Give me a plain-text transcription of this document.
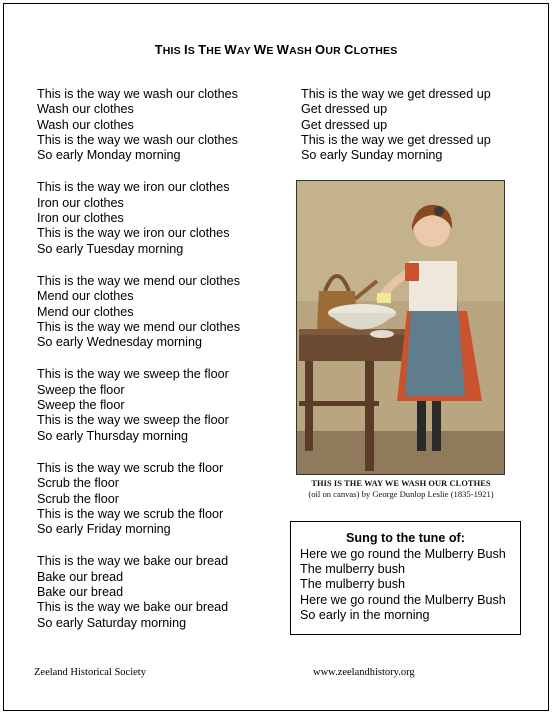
THIS IS THE WAY WE WASH OUR CLOTHES
This is the way we wash our clothes
Wash our clothes
Wash our clothes
This is the way we wash our clothes
So early Monday morning
This is the way we iron our clothes
Iron our clothes
Iron our clothes
This is the way we iron our clothes
So early Tuesday morning
This is the way we mend our clothes
Mend our clothes
Mend our clothes
This is the way we mend our clothes
So early Wednesday morning
This is the way we sweep the floor
Sweep the floor
Sweep the floor
This is the way we sweep the floor
So early Thursday morning
This is the way we scrub the floor
Scrub the floor
Scrub the floor
This is the way we scrub the floor
So early Friday morning
This is the way we bake our bread
Bake our bread
Bake our bread
This is the way we bake our bread
So early Saturday morning
This is the way we get dressed up
Get dressed up
Get dressed up
This is the way we get dressed up
So early Sunday morning
THIS IS THE WAY WE WASH OUR CLOTHES
(oil on canvas) by George Dunlop Leslie (1835-1921)
Sung to the tune of:
Here we go round the Mulberry Bush
The mulberry bush
The mulberry bush
Here we go round the Mulberry Bush
So early in the morning
Zeeland Historical Society	www.zeelandhistory.org
